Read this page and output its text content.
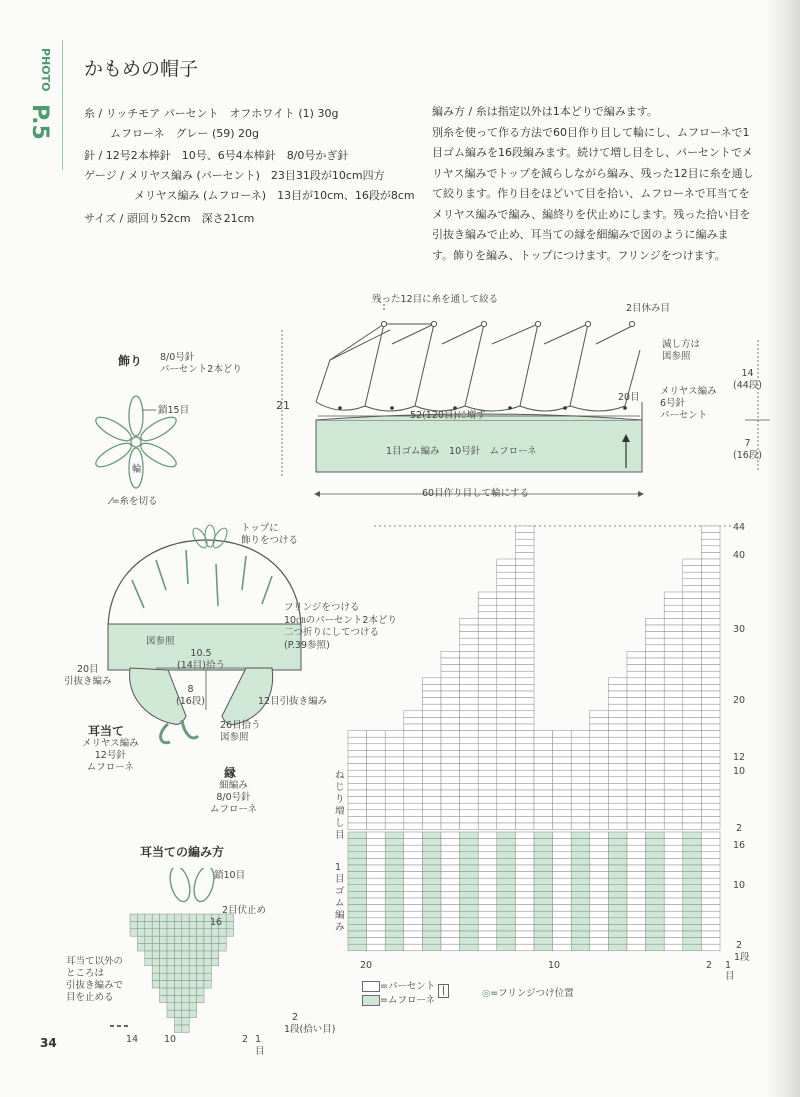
PHOTO
P.5
かもめの帽子
糸 / リッチモア パーセント　オフホワイト (1) 30g
ムフローネ　グレー (59) 20g
針 / 12号2本棒針　10号、6号4本棒針　8/0号かぎ針
ゲージ / メリヤス編み (パーセント)　23目31段が10cm四方
メリヤス編み (ムフローネ)　13目が10cm、16段が8cm
サイズ / 頭回り52cm　深さ21cm
編み方 / 糸は指定以外は1本どりで編みます。
別糸を使って作る方法で60目作り目して輪にし、ムフローネで1
目ゴム編みを16段編みます。続けて増し目をし、パーセントでメ
リヤス編みでトップを減らしながら編み、残った12目に糸を通し
て絞ります。作り目をほどいて目を拾い、ムフローネで耳当てを
メリヤス編みで編み、編終りを伏止めにします。残った拾い目を
引抜き編みで止め、耳当ての縁を細編みで図のように編みま
す。飾りを編み、トップにつけます。フリンジをつけます。
残った12目に糸を通して絞る
2目休み目
減し方は
図参照
20目
メリヤス編み
6号針
パーセント
52(120目)に増す
1目ゴム編み　10号針　ムフローネ
21
14
(44段)
7
(16段)
60目作り目して輪にする
飾り 8/0号針
パーセント2本どり
鎖15目
輪
⁄=糸を切る
トップに
飾りをつける
フリンジをつける
10㎝のパーセント2本どり
二つ折りにしてつける
(P.39参照)
図参照
10.5
(14目)拾う
20目
引抜き編み
8
(16段)	12目引抜き編み
26目拾う
図参照
耳当て
メリヤス編み
12号針
ムフローネ	縁
細編み
8/0号針
ムフローネ
耳当ての編み方
鎖10目
2目伏止め
16
耳当て以外の
ところは
引抜き編みで
目を止める
2
1段(拾い目)
14	10	2 1
目
ねじり増し目
1目ゴム編み
44
40
30
20
12
10
2
16
10
2
1段
20	10	2 1
目
=パーセント
=ムフローネ
|	◎=フリンジつけ位置
34
